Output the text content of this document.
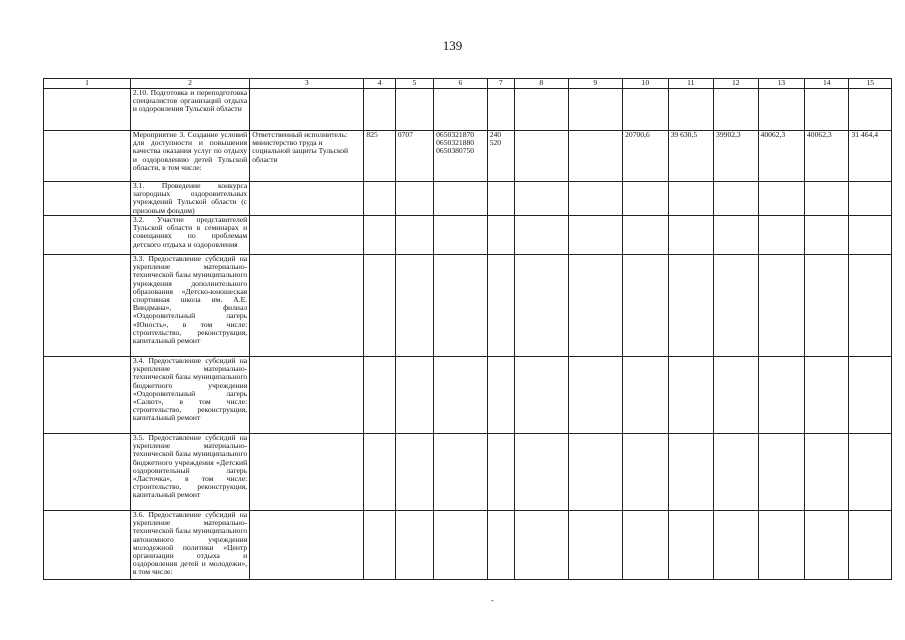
139
1	2	3	4	5	6	7	8	9	10	11	12	13	14	15
	2.10. Подготовка и переподготовка специалистов организаций отдыха и оздоровления Тульской области													
	Мероприятие 3. Создание условий для доступности и повышения качества оказания услуг по отдыху и оздоровлению детей Тульской области, в том числе:	Ответственный исполнитель: министерство труда и социальной защиты Тульской области	825	0707	0650321870 0650321880 0650380750	240 520			20700,6	39 630,5	39902,3	40062,3	40062,3	31 464,4
	3.1. Проведение конкурса загородных оздоровительных учреждений Тульской области (с призовым фондом)													
	3.2. Участие представителей Тульской области в семинарах и совещаниях по проблемам детского отдыха и оздоровления													
	3.3. Предоставление субсидий на укрепление материально-технической базы муниципального учреждения дополнительного образования «Детско-юношеская спортивная школа им. А.Е. Виндмана», филиал «Оздоровительный лагерь «Юность», в том числе: строительство, реконструкция, капитальный ремонт													
	3.4. Предоставление субсидий на укрепление материально-технической базы муниципального бюджетного учреждения «Оздоровительный лагерь «Салют», в том числе: строительство, реконструкция, капитальный ремонт													
	3.5. Предоставление субсидий на укрепление материально-технической базы муниципального бюджетного учреждения «Детский оздоровительный лагерь «Ласточка», в том числе: строительство, реконструкция, капитальный ремонт													
	3.6. Предоставление субсидий на укрепление материально-технической базы муниципального автономного учреждения молодежной политики «Центр организации отдыха и оздоровления детей и молодежи», в том числе:													
-
